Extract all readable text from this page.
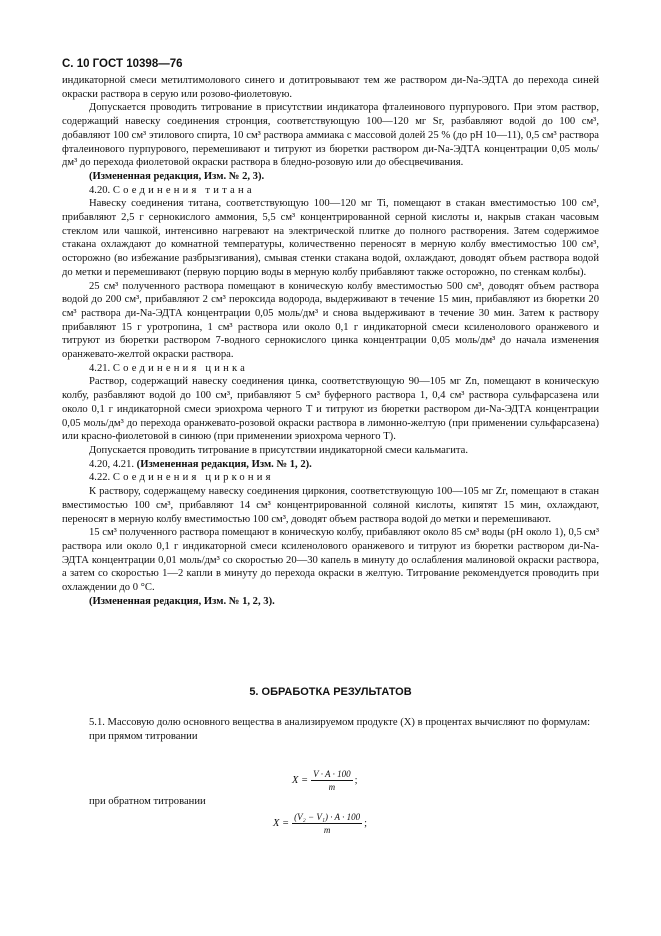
С. 10 ГОСТ 10398—76

индикаторной смеси метилтимолового синего и дотитровывают тем же раствором ди-Na-ЭДТА до перехода синей окраски раствора в серую или розово-фиолетовую.

Допускается проводить титрование в присутствии индикатора фталеинового пурпурового. При этом раствор, содержащий навеску соединения стронция, соответствующую 100—120 мг Sr, разбавляют водой до 100 см³, добавляют 100 см³ этилового спирта, 10 см³ раствора аммиака с массовой долей 25 % (до рН 10—11), 0,5 см³ раствора фталеинового пурпурового, перемешивают и титруют из бюретки раствором ди-Na-ЭДТА концентрации 0,05 моль/дм³ до перехода фиолетовой окраски раствора в бледно-розовую или до обесцвечивания.

(Измененная редакция, Изм. № 2, 3).

4.20. Соединения титана

Навеску соединения титана, соответствующую 100—120 мг Ti, помещают в стакан вместимостью 100 см³, прибавляют 2,5 г сернокислого аммония, 5,5 см³ концентрированной серной кислоты и, накрыв стакан часовым стеклом или чашкой, интенсивно нагревают на электрической плитке до полного растворения. Затем содержимое стакана охлаждают до комнатной температуры, количественно переносят в мерную колбу вместимостью 100 см³, осторожно (во избежание разбрызгивания), смывая стенки стакана водой, охлаждают, доводят объем раствора водой до метки и перемешивают (первую порцию воды в мерную колбу прибавляют также осторожно, по стенкам колбы).

25 см³ полученного раствора помещают в коническую колбу вместимостью 500 см³, доводят объем раствора водой до 200 см³, прибавляют 2 см³ пероксида водорода, выдерживают в течение 15 мин, прибавляют из бюретки 20 см³ раствора ди-Na-ЭДТА концентрации 0,05 моль/дм³ и снова выдерживают в течение 30 мин. Затем к раствору прибавляют 15 г уротропина, 1 см³ раствора или около 0,1 г индикаторной смеси ксиленолового оранжевого и титруют из бюретки раствором 7-водного сернокислого цинка концентрации 0,05 моль/дм³ до начала изменения оранжевато-желтой окраски раствора.

4.21. Соединения цинка

Раствор, содержащий навеску соединения цинка, соответствующую 90—105 мг Zn, помещают в коническую колбу, разбавляют водой до 100 см³, прибавляют 5 см³ буферного раствора 1, 0,4 см³ раствора сульфарсазена или около 0,1 г индикаторной смеси эриохрома черного Т и титруют из бюретки раствором ди-Na-ЭДТА концентрации 0,05 моль/дм³ до перехода оранжевато-розовой окраски раствора в лимонно-желтую (при применении сульфарсазена) или красно-фиолетовой в синюю (при применении эриохрома черного Т).

Допускается проводить титрование в присутствии индикаторной смеси кальмагита.

4.20, 4.21. (Измененная редакция, Изм. № 1, 2).

4.22. Соединения циркония

К раствору, содержащему навеску соединения циркония, соответствующую 100—105 мг Zr, помещают в стакан вместимостью 100 см³, прибавляют 14 см³ концентрированной соляной кислоты, кипятят 15 мин, охлаждают, переносят в мерную колбу вместимостью 100 см³, доводят объем раствора водой до метки и перемешивают.

15 см³ полученного раствора помещают в коническую колбу, прибавляют около 85 см³ воды (рН около 1), 0,5 см³ раствора или около 0,1 г индикаторной смеси ксиленолового оранжевого и титруют из бюретки раствором ди-Na-ЭДТА концентрации 0,01 моль/дм³ со скоростью 20—30 капель в минуту до ослабления малиновой окраски раствора, а затем со скоростью 1—2 капли в минуту до перехода окраски в желтую. Титрование рекомендуется проводить при охлаждении до 0 °С.

(Измененная редакция, Изм. № 1, 2, 3).

5. ОБРАБОТКА РЕЗУЛЬТАТОВ

5.1. Массовую долю основного вещества в анализируемом продукте (X) в процентах вычисляют по формулам:

при прямом титровании

$X = \frac{V \cdot A \cdot 100}{m}$ ;

при обратном титровании

$X = \frac{\text{(V₂ − V₁) · A · 100}}{m}$ ;
